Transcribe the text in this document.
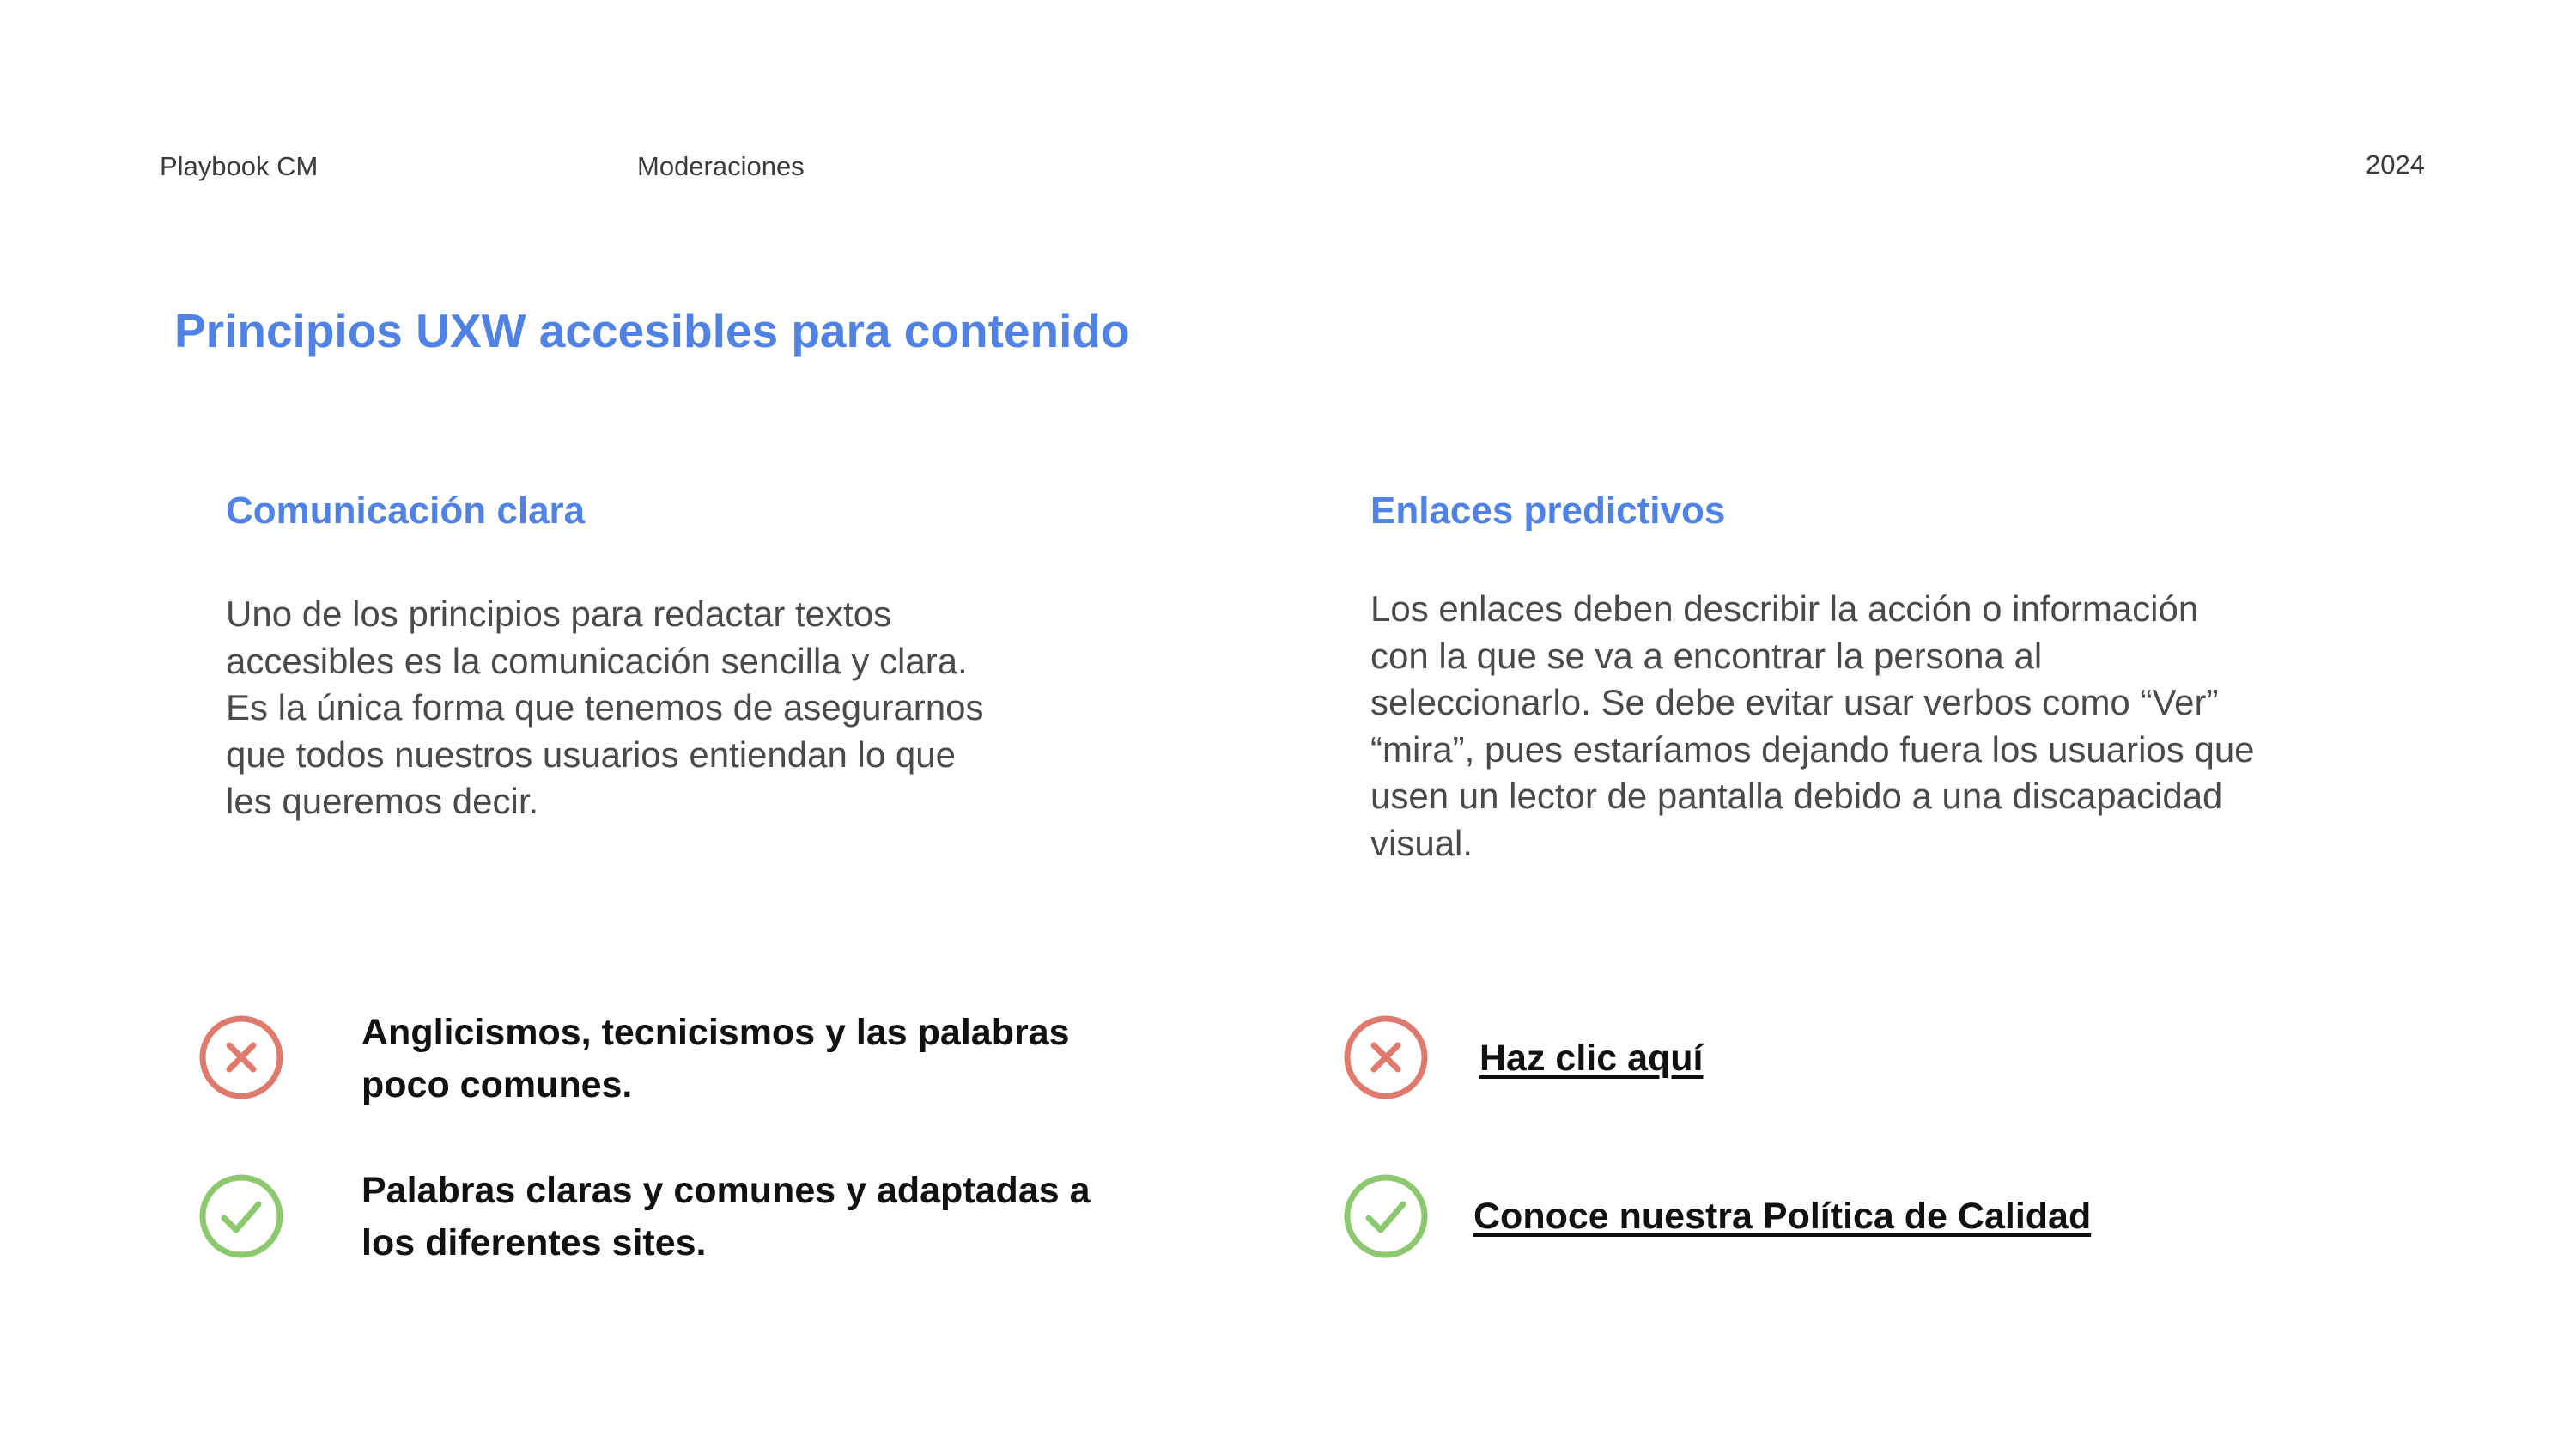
Playbook CM	Moderaciones	2024
Principios UXW accesibles para contenido
Comunicación clara
Uno de los principios para redactar textos
accesibles es la comunicación sencilla y clara.
Es la única forma que tenemos de asegurarnos
que todos nuestros usuarios entiendan lo que
les queremos decir.
Enlaces predictivos
Los enlaces deben describir la acción o información
con la que se va a encontrar la persona al
seleccionarlo. Se debe evitar usar verbos como “Ver”
“mira”, pues estaríamos dejando fuera los usuarios que
usen un lector de pantalla debido a una discapacidad
visual.
Anglicismos, tecnicismos y las palabras
poco comunes.
Palabras claras y comunes y adaptadas a
los diferentes sites.
Haz clic aquí
Conoce nuestra Política de Calidad
